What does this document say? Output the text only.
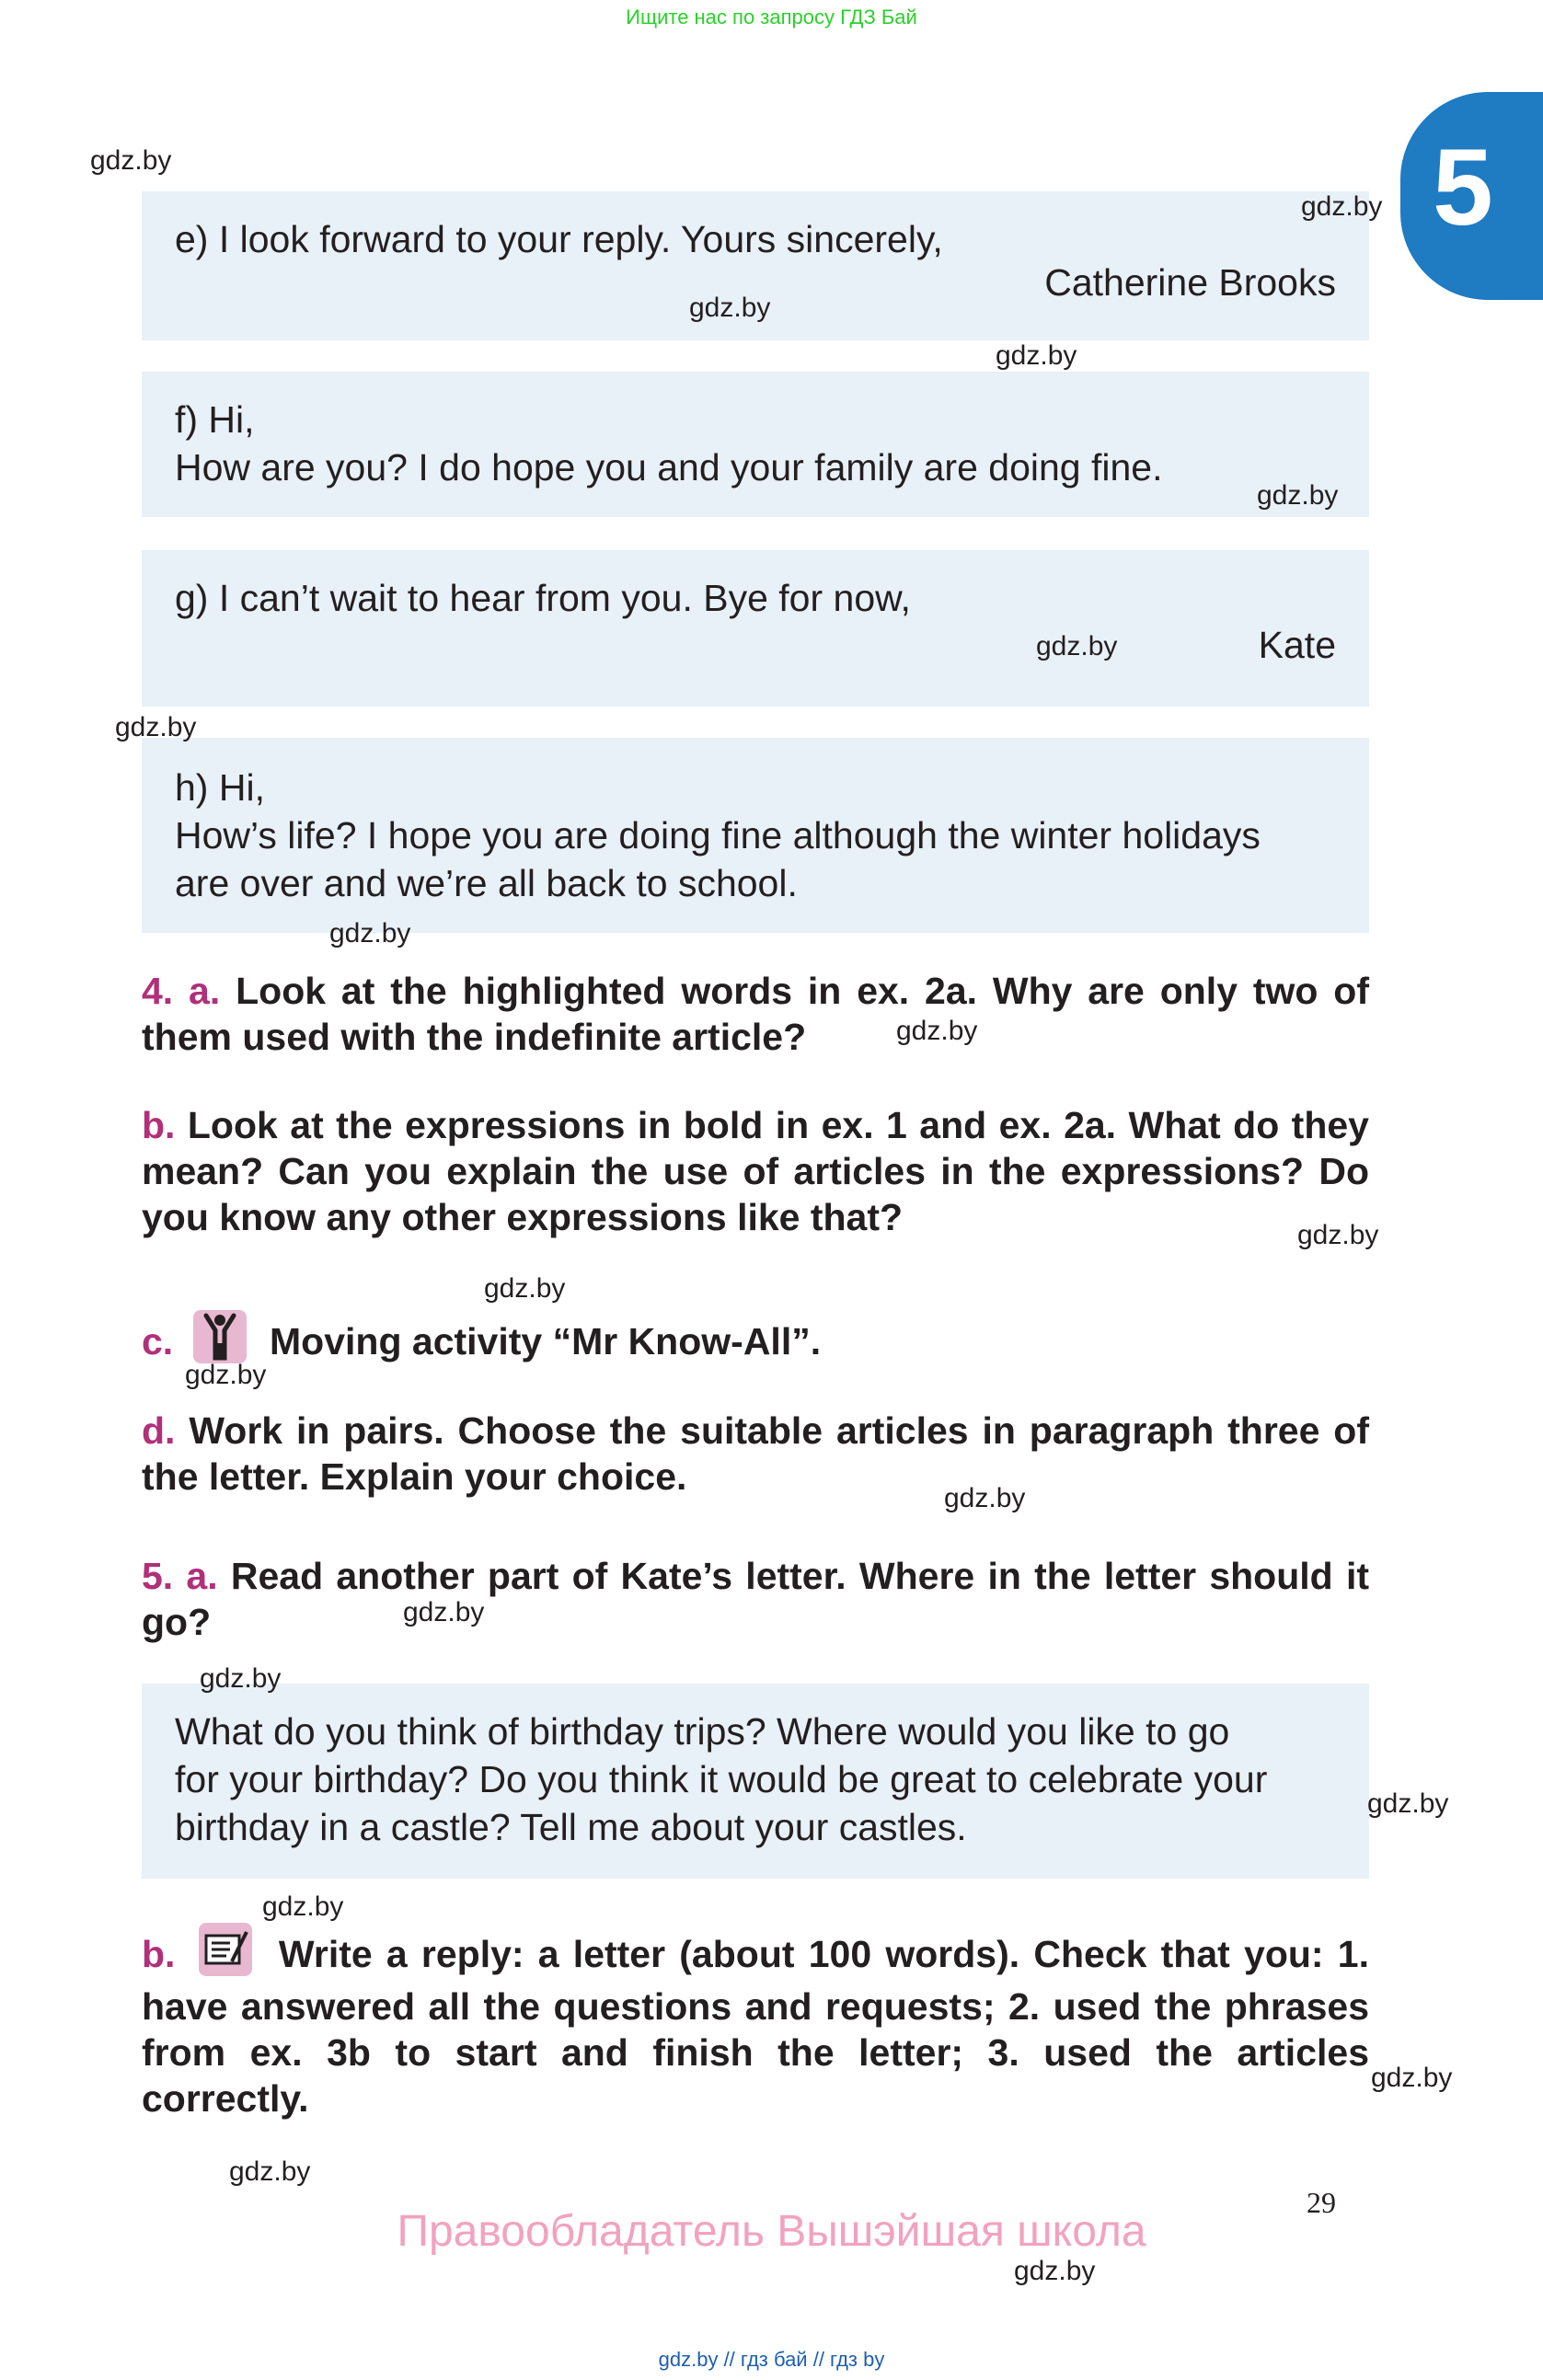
Ищите нас по запросу ГДЗ Бай
5
e) I look forward to your reply. Yours sincerely,
Catherine Brooks
f) Hi,
How are you? I do hope you and your family are doing fine.
g) I can’t wait to hear from you. Bye for now,
Kate
h) Hi,
How’s life? I hope you are doing fine although the winter holidays
are over and we’re all back to school.
4. a. Look at the highlighted words in ex. 2a. Why are only two of them used with the indefinite article?
b. Look at the expressions in bold in ex. 1 and ex. 2a. What do they mean? Can you explain the use of articles in the expressions? Do you know any other expressions like that?
c.	Moving activity “Mr Know-All”.
d. Work in pairs. Choose the suitable articles in paragraph three of the letter. Explain your choice.
5. a. Read another part of Kate’s letter. Where in the letter should it go?
What do you think of birthday trips? Where would you like to go
for your birthday? Do you think it would be great to celebrate your
birthday in a castle? Tell me about your castles.
b.	Write a reply: a letter (about 100 words). Check that you: 1. have answered all the questions and requests; 2. used the phrases from ex. 3b to start and finish the letter; 3. used the articles correctly.
gdz.by
gdz.by
gdz.by
gdz.by
gdz.by
gdz.by
gdz.by
gdz.by
gdz.by
gdz.by
gdz.by
gdz.by
gdz.by
gdz.by
gdz.by
gdz.by
gdz.by
gdz.by
gdz.by
gdz.by
29
Правообладатель Вышэйшая школа
gdz.by // гдз бай // гдз by
